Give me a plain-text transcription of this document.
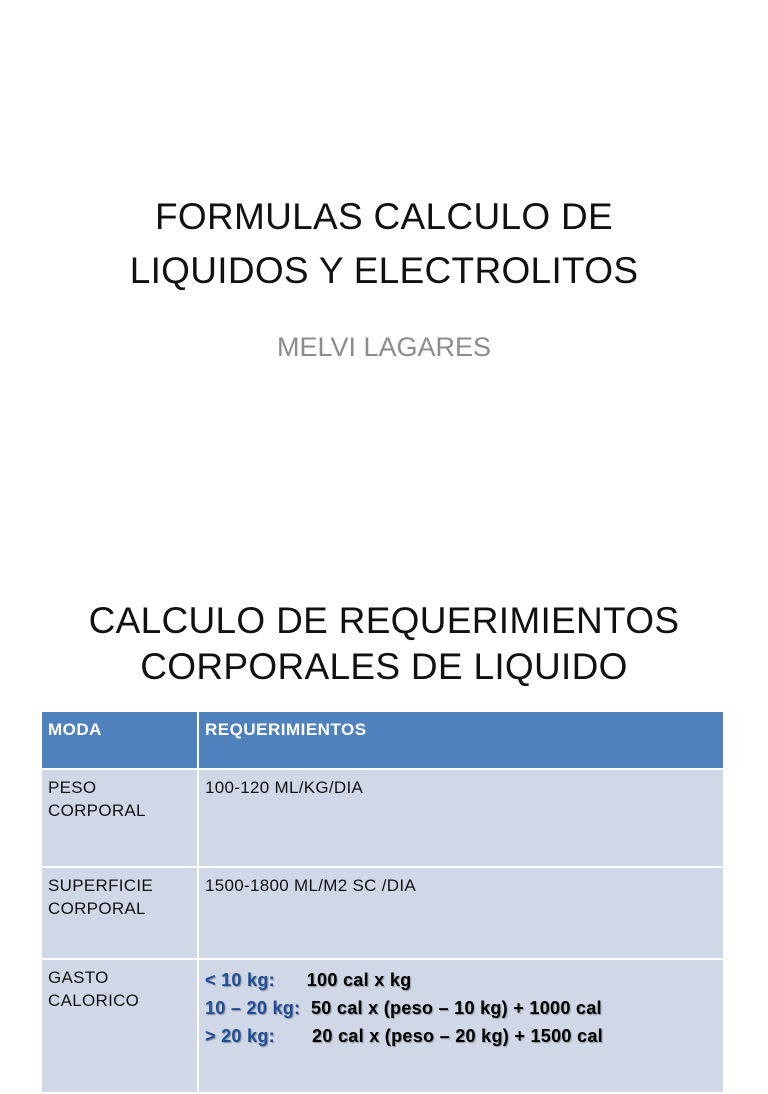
FORMULAS CALCULO DE
LIQUIDOS Y ELECTROLITOS
MELVI LAGARES
CALCULO DE REQUERIMIENTOS
CORPORALES DE LIQUIDO
MODA	REQUERIMIENTOS
PESO
CORPORAL	100-120 ML/KG/DIA
SUPERFICIE
CORPORAL	1500-1800 ML/M2 SC /DIA
GASTO
CALORICO	< 10 kg: 100 cal x kg
10 – 20 kg: 50 cal x (peso – 10 kg) + 1000 cal
> 20 kg: 20 cal x (peso – 20 kg) + 1500 cal
